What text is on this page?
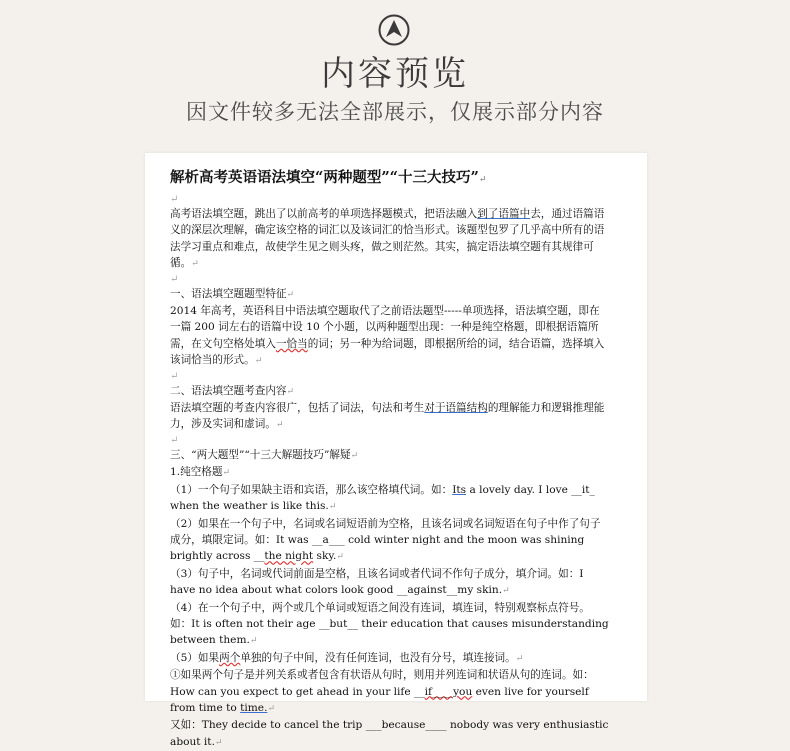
内容预览
因文件较多无法全部展示，仅展示部分内容
解析高考英语语法填空“两种题型”“十三大技巧”↵
↵

高考语法填空题，跳出了以前高考的单项选择题模式，把语法融入到了语篇中去，通过语篇语义的深层次理解，确定该空格的词汇以及该词汇的恰当形式。该题型包罗了几乎高中所有的语法学习重点和难点，故使学生见之则头疼，做之则茫然。其实，搞定语法填空题有其规律可循。↵

↵

一、语法填空题题型特征↵

2014 年高考，英语科目中语法填空题取代了之前语法题型-----单项选择，语法填空题，即在一篇 200 词左右的语篇中设 10 个小题，以两种题型出现：一种是纯空格题，即根据语篇所需，在文句空格处填入一恰当的词；另一种为给词题，即根据所给的词，结合语篇，选择填入该词恰当的形式。↵

↵

二、语法填空题考查内容↵

语法填空题的考查内容很广，包括了词法，句法和考生对于语篇结构的理解能力和逻辑推理能力，涉及实词和虚词。↵

↵

三、“两大题型”“十三大解题技巧”解疑↵

1.纯空格题↵

（1）一个句子如果缺主语和宾语，那么该空格填代词。如：Its a lovely day. I love __it_ when the weather is like this.↵

（2）如果在一个句子中，名词或名词短语前为空格，且该名词或名词短语在句子中作了句子成分，填限定词。如：It was __a___ cold winter night and the moon was shining brightly across __the night sky.↵

（3）句子中，名词或代词前面是空格，且该名词或者代词不作句子成分，填介词。如：I have no idea about what colors look good __against__my skin.↵

（4）在一个句子中，两个或几个单词或短语之间没有连词，填连词，特别观察标点符号。如：It is often not their age __but__ their education that causes misunderstanding between them.↵

（5）如果两个单独的句子中间，没有任何连词，也没有分号，填连接词。↵

①如果两个句子是并列关系或者包含有状语从句时，则用并列连词和状语从句的连词。如：How can you expect to get ahead in your life __if____you even live for yourself from time to time.↵

又如：They decide to cancel the trip ___because____ nobody was very enthusiastic about it.↵
